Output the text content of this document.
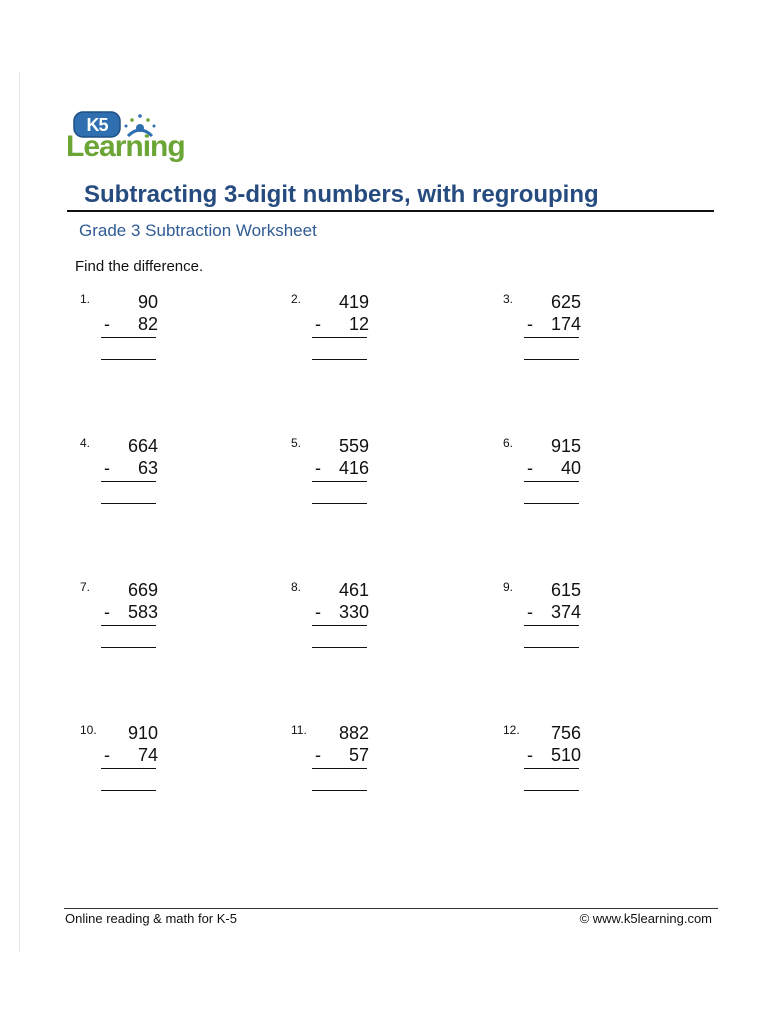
K5
Learning
Subtracting 3-digit numbers, with regrouping
Grade 3 Subtraction Worksheet
Find the difference.
1.	90
- 82
2. 419
- 12
3. 625
- 174
4. 664
- 63
5. 559
- 416
6. 915
- 40
7. 669
- 583
8. 461
- 330
9. 615
- 374
10. 910
- 74
11. 882
- 57
12. 756
- 510
Online reading & math for K-5	© www.k5learning.com
